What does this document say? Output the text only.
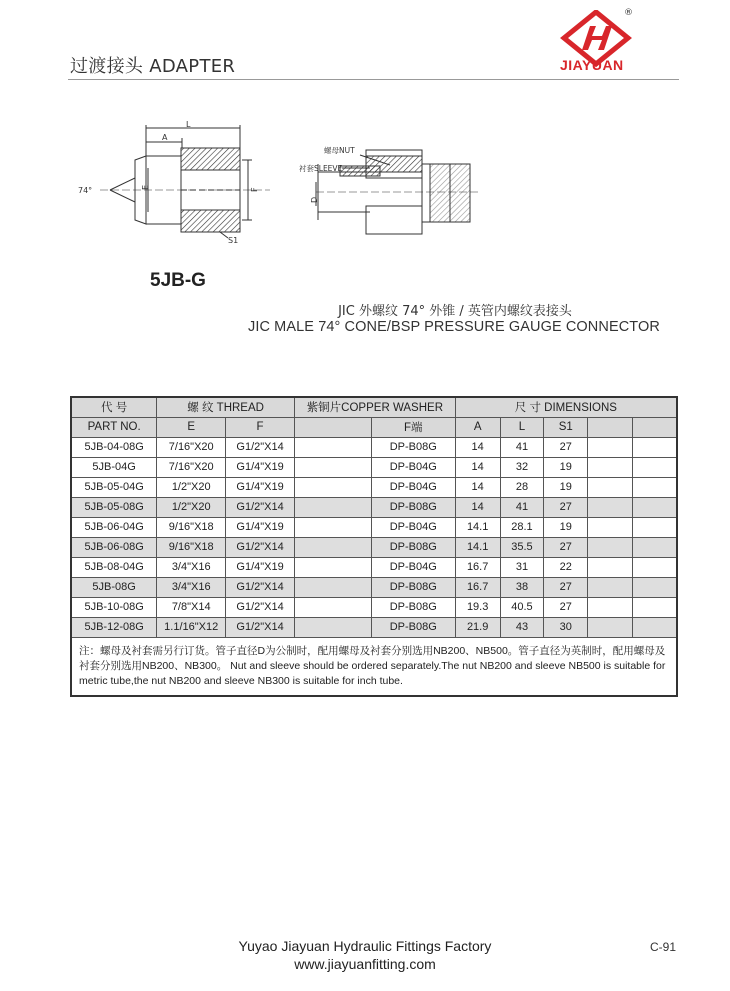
过渡接头 ADAPTER
®
JIAYUAN
L
A
74°	E	F
S1
螺母NUT
衬套SLEEVE
D
5JB-G
JIC 外螺纹 74° 外锥 / 英管内螺纹表接头
JIC MALE 74° CONE/BSP PRESSURE GAUGE CONNECTOR
代 号	螺 纹 THREAD		紫铜片COPPER WASHER		尺 寸 DIMENSIONS				
PART NO.	E	F		F端	A	L	S1		
5JB-04-08G	7/16"X20	G1/2"X14		DP-B08G	14	41	27		
5JB-04G	7/16"X20	G1/4"X19		DP-B04G	14	32	19		
5JB-05-04G	1/2"X20	G1/4"X19		DP-B04G	14	28	19		
5JB-05-08G	1/2"X20	G1/2"X14		DP-B08G	14	41	27		
5JB-06-04G	9/16"X18	G1/4"X19		DP-B04G	14.1	28.1	19		
5JB-06-08G	9/16"X18	G1/2"X14		DP-B08G	14.1	35.5	27		
5JB-08-04G	3/4"X16	G1/4"X19		DP-B04G	16.7	31	22		
5JB-08G	3/4"X16	G1/2"X14		DP-B08G	16.7	38	27		
5JB-10-08G	7/8"X14	G1/2"X14		DP-B08G	19.3	40.5	27		
5JB-12-08G	1.1/16"X12	G1/2"X14		DP-B08G	21.9	43	30		
注：螺母及衬套需另行订货。管子直径D为公制时，配用螺母及衬套分别选用NB200、NB500。管子直径为英制时，配用螺母及衬套分别选用NB200、NB300。 Nut and sleeve should be ordered separately.The nut NB200 and sleeve NB500 is suitable for metric tube,the nut NB200 and sleeve NB300 is suitable for inch tube.									
Yuyao Jiayuan Hydraulic Fittings Factory
www.jiayuanfitting.com
C-91
